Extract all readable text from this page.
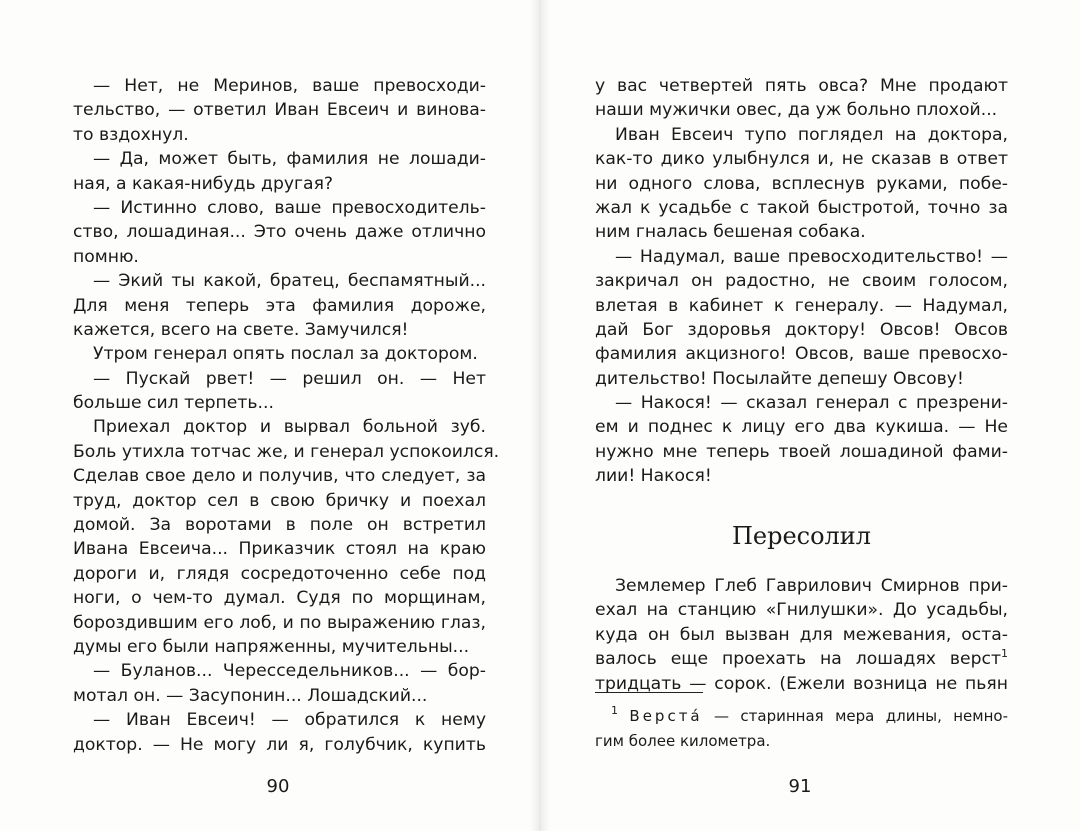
— Нет, не Меринов, ваше превосходи-
тельство, — ответил Иван Евсеич и винова-
то вздохнул.
— Да, может быть, фамилия не лошади-
ная, а какая-нибудь другая?
— Истинно слово, ваше превосходитель-
ство, лошадиная... Это очень даже отлично
помню.
— Экий ты какой, братец, беспамятный...
Для меня теперь эта фамилия дороже,
кажется, всего на свете. Замучился!
Утром генерал опять послал за доктором.
— Пускай рвет! — решил он. — Нет
больше сил терпеть...
Приехал доктор и вырвал больной зуб.
Боль утихла тотчас же, и генерал успокоился.
Сделав свое дело и получив, что следует, за
труд, доктор сел в свою бричку и поехал
домой. За воротами в поле он встретил
Ивана Евсеича... Приказчик стоял на краю
дороги и, глядя сосредоточенно себе под
ноги, о чем-то думал. Судя по морщинам,
бороздившим его лоб, и по выражению глаз,
думы его были напряженны, мучительны...
— Буланов... Чересседельников... — бор-
мотал он. — Засупонин... Лошадский...
— Иван Евсеич! — обратился к нему
доктор. — Не могу ли я, голубчик, купить
90
у вас четвертей пять овса? Мне продают
наши мужички овес, да уж больно плохой...
Иван Евсеич тупо поглядел на доктора,
как-то дико улыбнулся и, не сказав в ответ
ни одного слова, всплеснув руками, побе-
жал к усадьбе с такой быстротой, точно за
ним гналась бешеная собака.
— Надумал, ваше превосходительство! —
закричал он радостно, не своим голосом,
влетая в кабинет к генералу. — Надумал,
дай Бог здоровья доктору! Овсов! Овсов
фамилия акцизного! Овсов, ваше превосхо-
дительство! Посылайте депешу Овсову!
— Накося! — сказал генерал с презрени-
ем и поднес к лицу его два кукиша. — Не
нужно мне теперь твоей лошадиной фами-
лии! Накося!
Пересолил
Землемер Глеб Гаврилович Смирнов при-
ехал на станцию «Гнилушки». До усадьбы,
куда он был вызван для межевания, оста-
валось еще проехать на лошадях верст$^1$
тридцать — сорок. (Ежели возница не пьян
$^1$ Верста́ — старинная мера длины, немно-
гим более километра.
91
